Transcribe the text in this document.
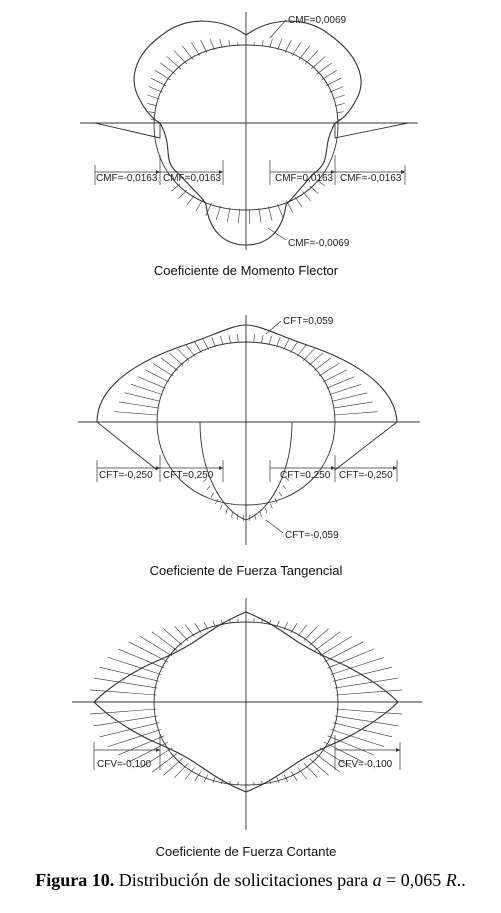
CMF=0,0069
CMF=-0,0163 CMF=0,0163	CMF=0,0163 CMF=-0,0163
CMF=-0,0069
Coeficiente de Momento Flector
CFT=0,059
CFT=-0,250 CFT=0,250	CFT=0,250 CFT=-0,250
CFT=-0,059
Coeficiente de Fuerza Tangencial
CFV=-0,100	CFV=-0,100
Coeficiente de Fuerza Cortante
Figura 10. Distribución de solicitaciones para a = 0,065 R..
